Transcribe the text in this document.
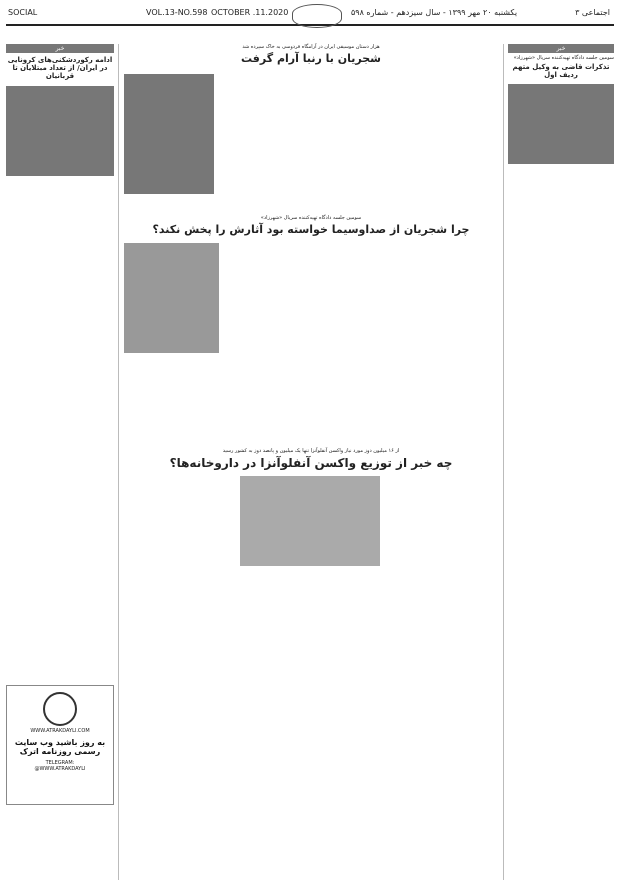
SOCIAL	VOL.13-NO.598 OCTOBER .11.2020	یکشنبه ۲۰ مهر ۱۳۹۹ - سال سیزدهم - شماره ۵۹۸	اجتماعی ۳
خبر
ادامه رکوردشکنی‌های کرونایی در ایران/ از تعداد مبتلایان تا قربانیان
WWW.ATRAKDAYLI.COM
به روز باشید وب سایت رسمی روزنامه اترک
TELEGRAM:
@WWW.ATRAKDAYLI
هزار دستان موسیقی ایران در آرامگاه فردوسی به خاک سپرده شد
شجریان با رنبا آرام گرفت
سومین جلسه دادگاه تهیه‌کننده سریال «شهرزاد»
چرا شجریان از صداوسیما خواسته بود آثارش را پخش نکند؟
از ۱۶ میلیون دوز مورد نیاز واکسن آنفلوآنزا تنها یک میلیون و پانصد دوز به کشور رسید
چه خبر از توزیع واکسن آنفلوآنزا در داروخانه‌ها؟
خبر
سومین جلسه دادگاه تهیه‌کننده سریال «شهرزاد»
تذکرات قاضی به وکیل متهم ردیف اول
